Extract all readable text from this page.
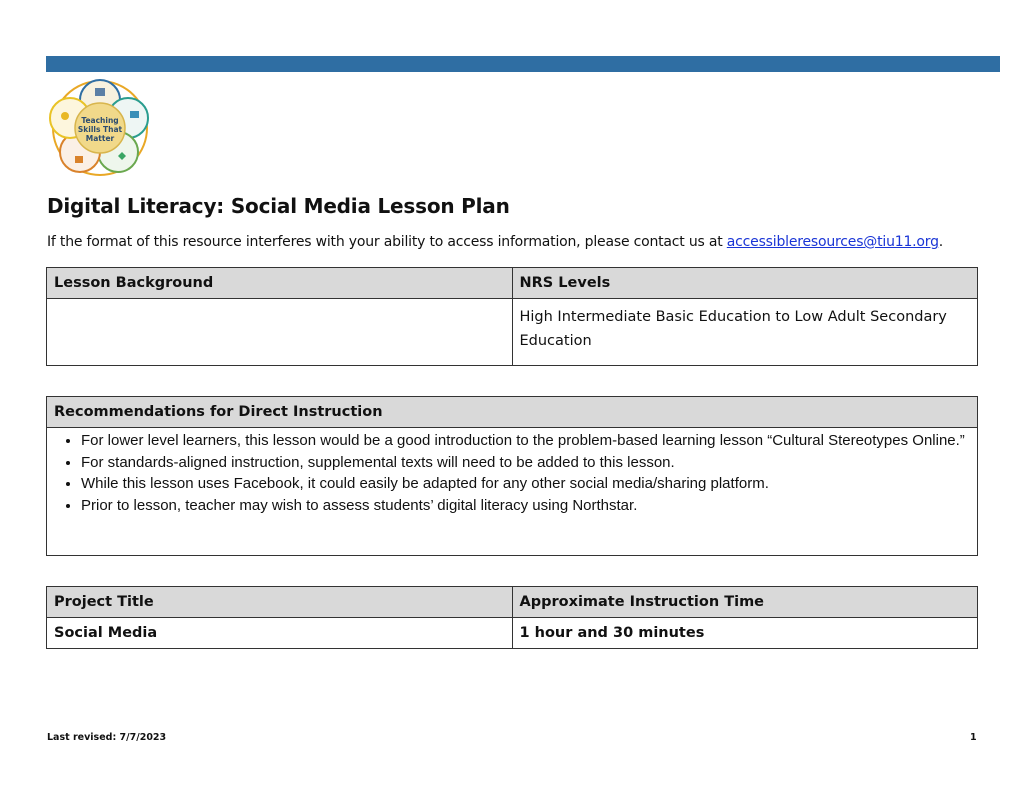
Teaching
Skills That
Matter
Digital Literacy: Social Media Lesson Plan
If the format of this resource interferes with your ability to access information, please contact us at accessibleresources@tiu11.org.
Lesson Background	NRS Levels
	High Intermediate Basic Education to Low Adult Secondary Education
Recommendations for Direct Instruction

• For lower level learners, this lesson would be a good introduction to the problem-based learning lesson “Cultural Stereotypes Online.”
• For standards-aligned instruction, supplemental texts will need to be added to this lesson.
• While this lesson uses Facebook, it could easily be adapted for any other social media/sharing platform.
• Prior to lesson, teacher may wish to assess students’ digital literacy using Northstar.
Project Title	Approximate Instruction Time
Social Media	1 hour and 30 minutes
Last revised: 7/7/2023	1
